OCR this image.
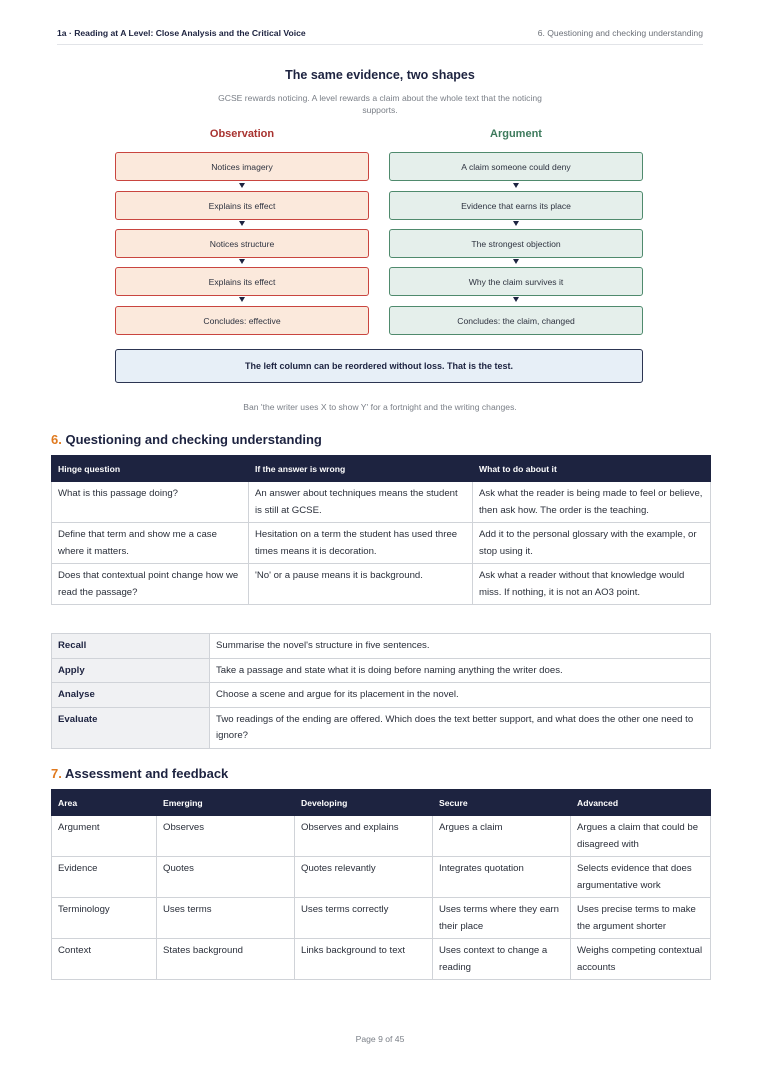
1a · Reading at A Level: Close Analysis and the Critical Voice	6. Questioning and checking understanding
The same evidence, two shapes
GCSE rewards noticing. A level rewards a claim about the whole text that the noticing supports.
Observation	Argument
Notices imagery
Explains its effect
Notices structure
Explains its effect
Concludes: effective
A claim someone could deny
Evidence that earns its place
The strongest objection
Why the claim survives it
Concludes: the claim, changed
The left column can be reordered without loss. That is the test.
Ban 'the writer uses X to show Y' for a fortnight and the writing changes.
6. Questioning and checking understanding
Hinge question	If the answer is wrong	What to do about it
What is this passage doing?	An answer about techniques means the student is still at GCSE.	Ask what the reader is being made to feel or believe, then ask how. The order is the teaching.
Define that term and show me a case where it matters.	Hesitation on a term the student has used three times means it is decoration.	Add it to the personal glossary with the example, or stop using it.
Does that contextual point change how we read the passage?	'No' or a pause means it is background.	Ask what a reader without that knowledge would miss. If nothing, it is not an AO3 point.
Recall	Summarise the novel's structure in five sentences.
Apply	Take a passage and state what it is doing before naming anything the writer does.
Analyse	Choose a scene and argue for its placement in the novel.
Evaluate	Two readings of the ending are offered. Which does the text better support, and what does the other one need to ignore?
7. Assessment and feedback
Area	Emerging	Developing	Secure	Advanced
Argument	Observes	Observes and explains	Argues a claim	Argues a claim that could be disagreed with
Evidence	Quotes	Quotes relevantly	Integrates quotation	Selects evidence that does argumentative work
Terminology	Uses terms	Uses terms correctly	Uses terms where they earn their place	Uses precise terms to make the argument shorter
Context	States background	Links background to text	Uses context to change a reading	Weighs competing contextual accounts
Page 9 of 45
